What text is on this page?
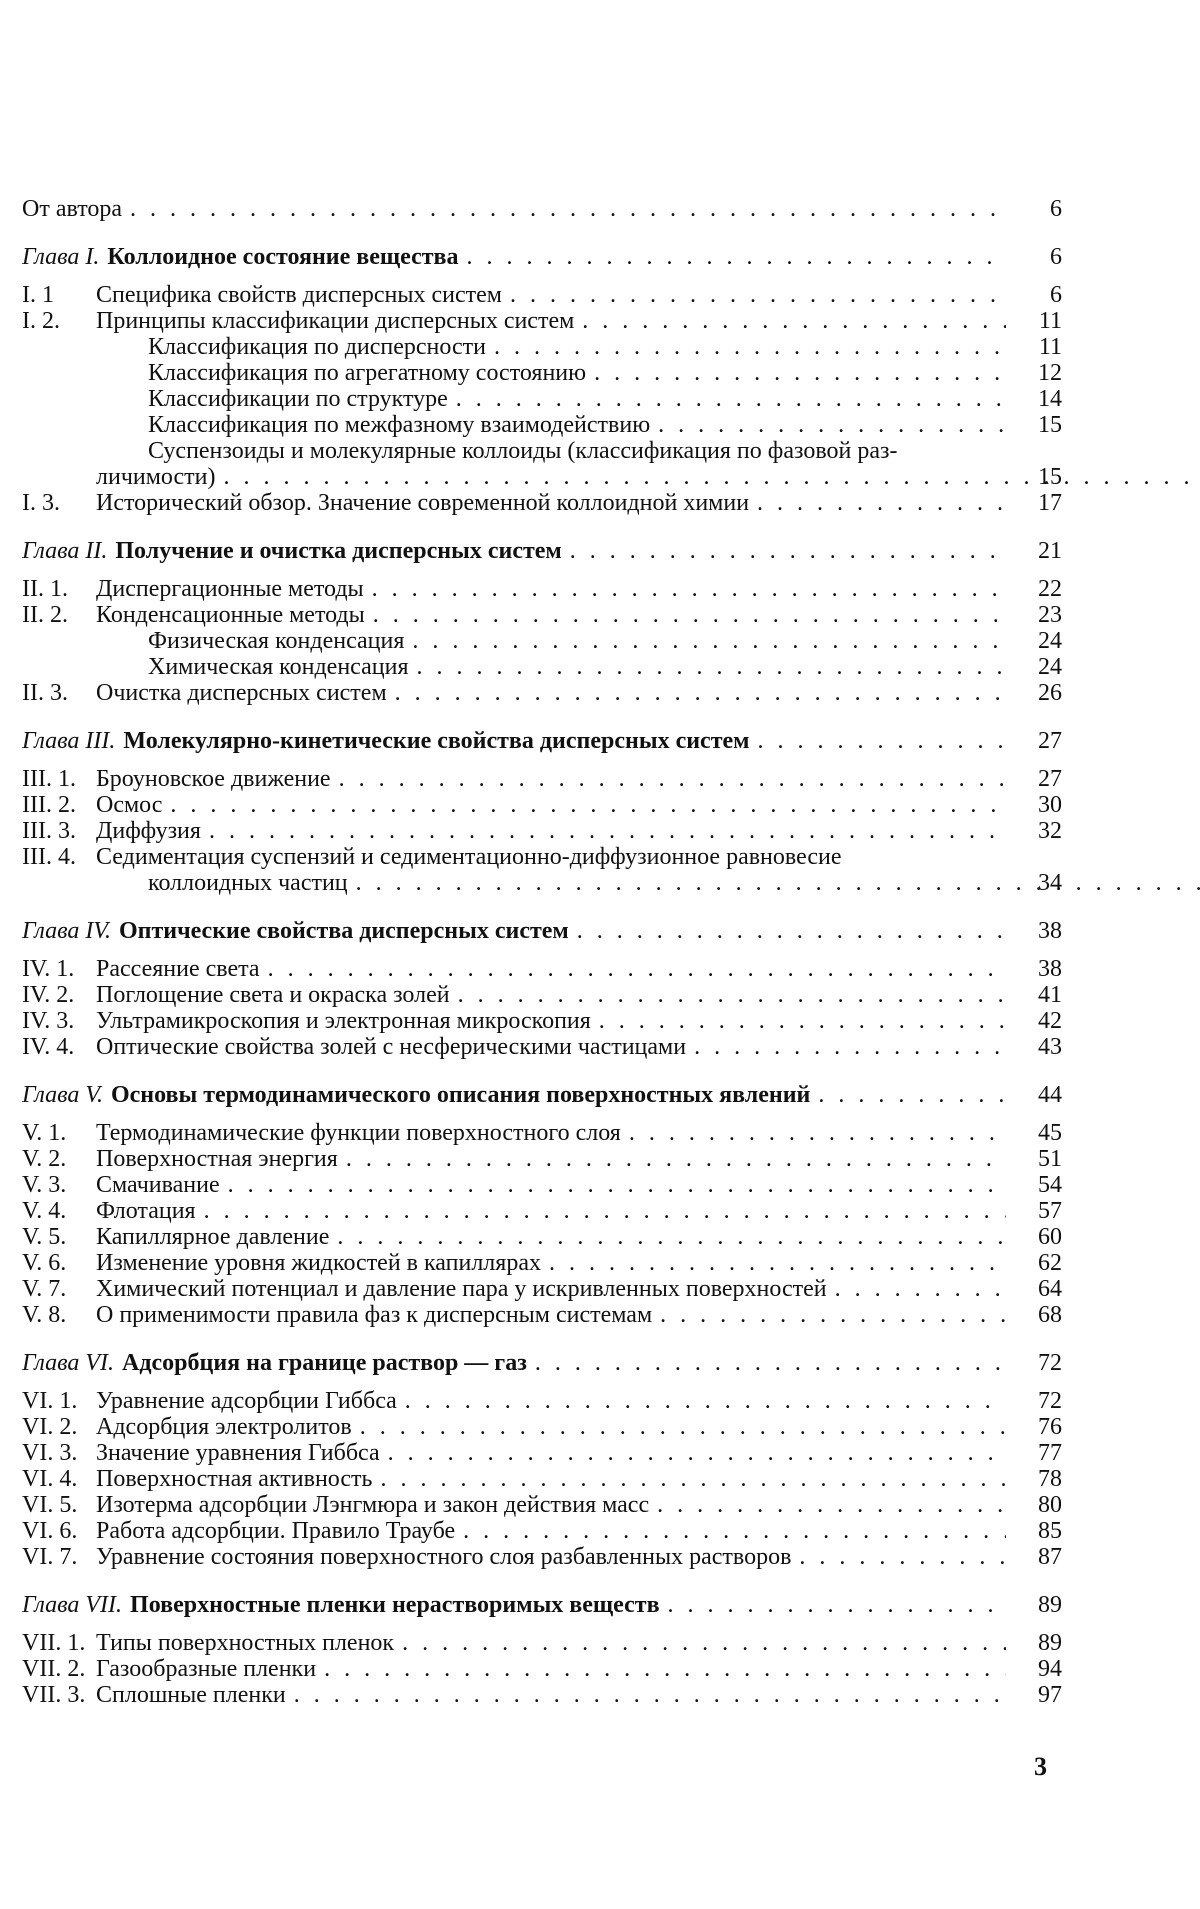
От автора . . .	6
Глава I. Коллоидное состояние вещества . . .	6
I. 1	Специфика свойств дисперсных систем . . .	6
I. 2.	Принципы классификации дисперсных систем . . .	11
Классификация по дисперсности . . .	11
Классификация по агрегатному состоянию . . .	12
Классификации по структуре . . .	14
Классификация по межфазному взаимодействию . . .	15
Суспензоиды и молекулярные коллоиды (классификация по фазовой раз-
личимости) . . .	15
I. 3.	Исторический обзор. Значение современной коллоидной химии . . .	17
Глава II. Получение и очистка дисперсных систем . . .	21
II. 1.	Диспергационные методы . . .	22
II. 2.	Конденсационные методы . . .	23
Физическая конденсация . . .	24
Химическая конденсация . . .	24
II. 3.	Очистка дисперсных систем . . .	26
Глава III. Молекулярно-кинетические свойства дисперсных систем . . .	27
III. 1. Броуновское движение . . .	27
III. 2. Осмос . . .	30
III. 3. Диффузия . . .	32
III. 4. Седиментация суспензий и седиментационно-диффузионное равновесие
коллоидных частиц . . .	34
Глава IV. Оптические свойства дисперсных систем . . .	38
IV. 1. Рассеяние света . . .	38
IV. 2. Поглощение света и окраска золей . . .	41
IV. 3. Ультрамикроскопия и электронная микроскопия . . .	42
IV. 4. Оптические свойства золей с несферическими частицами . . .	43
Глава V. Основы термодинамического описания поверхностных явлений . . .	44
V. 1.	Термодинамические функции поверхностного слоя . . .	45
V. 2.	Поверхностная энергия . . .	51
V. 3.	Смачивание . . .	54
V. 4.	Флотация . . .	57
V. 5.	Капиллярное давление . . .	60
V. 6.	Изменение уровня жидкостей в капиллярах . . .	62
V. 7.	Химический потенциал и давление пара у искривленных поверхностей . . .	64
V. 8.	О применимости правила фаз к дисперсным системам . . .	68
Глава VI. Адсорбция на границе раствор — газ . . .	72
VI. 1. Уравнение адсорбции Гиббса . . .	72
VI. 2. Адсорбция электролитов . . .	76
VI. 3. Значение уравнения Гиббса . . .	77
VI. 4. Поверхностная активность . . .	78
VI. 5. Изотерма адсорбции Лэнгмюра и закон действия масс . . .	80
VI. 6. Работа адсорбции. Правило Траубе . . .	85
VI. 7. Уравнение состояния поверхностного слоя разбавленных растворов . . .	87
Глава VII. Поверхностные пленки нерастворимых веществ . . .	89
VII. 1. Типы поверхностных пленок . . .	89
VII. 2. Газообразные пленки . . .	94
VII. 3. Сплошные пленки . . .	97
3
